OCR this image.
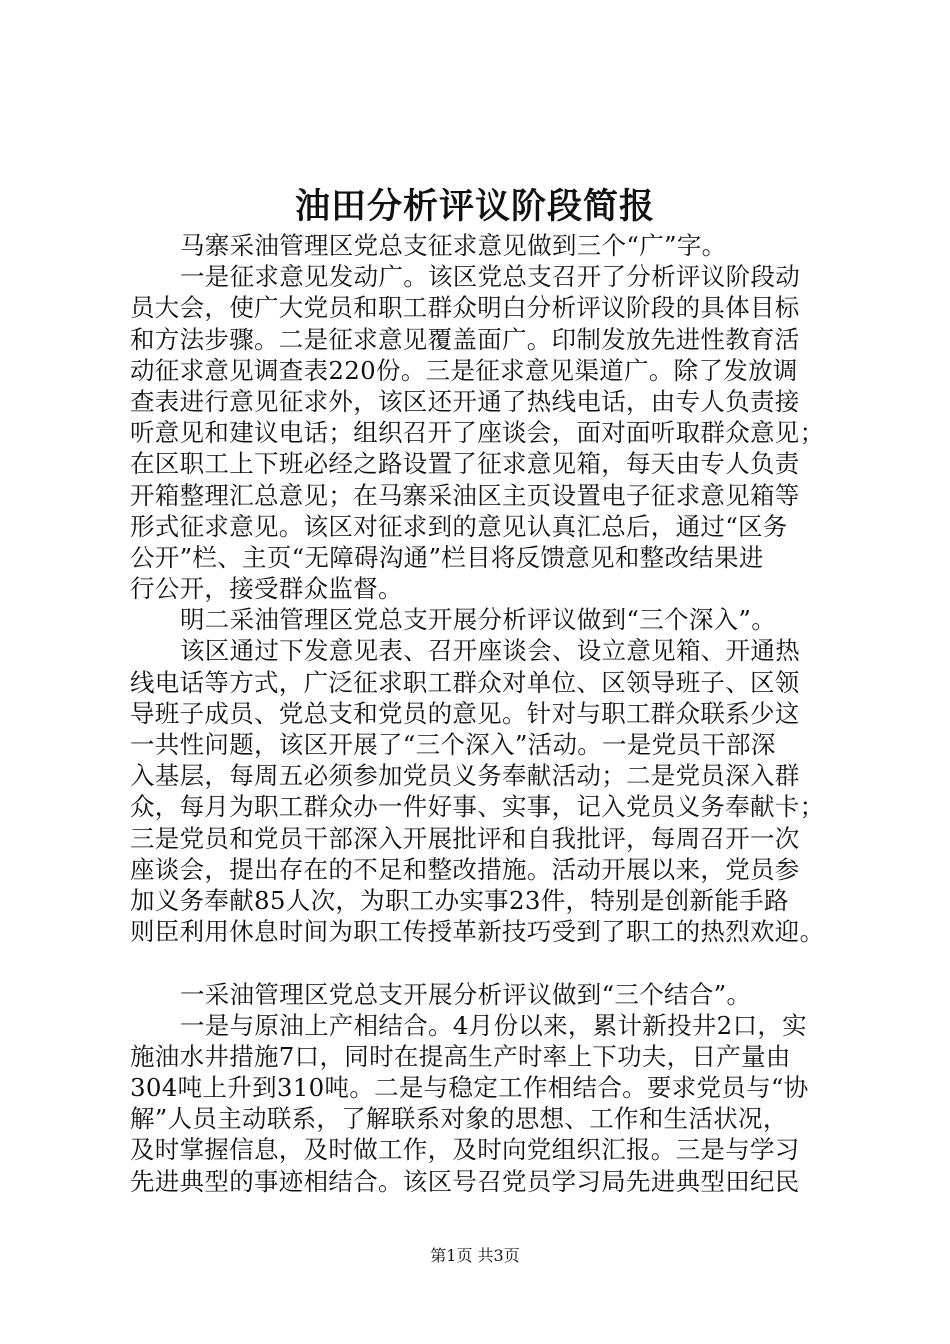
油田分析评议阶段简报
马寨采油管理区党总支征求意见做到三个“广”字。
一是征求意见发动广。该区党总支召开了分析评议阶段动
员大会，使广大党员和职工群众明白分析评议阶段的具体目标
和方法步骤。二是征求意见覆盖面广。印制发放先进性教育活
动征求意见调查表220份。三是征求意见渠道广。除了发放调
查表进行意见征求外，该区还开通了热线电话，由专人负责接
听意见和建议电话；组织召开了座谈会，面对面听取群众意见；
在区职工上下班必经之路设置了征求意见箱，每天由专人负责
开箱整理汇总意见；在马寨采油区主页设置电子征求意见箱等
形式征求意见。该区对征求到的意见认真汇总后，通过“区务
公开”栏、主页“无障碍沟通”栏目将反馈意见和整改结果进
行公开，接受群众监督。
明二采油管理区党总支开展分析评议做到“三个深入”。
该区通过下发意见表、召开座谈会、设立意见箱、开通热
线电话等方式，广泛征求职工群众对单位、区领导班子、区领
导班子成员、党总支和党员的意见。针对与职工群众联系少这
一共性问题，该区开展了“三个深入”活动。一是党员干部深
入基层，每周五必须参加党员义务奉献活动；二是党员深入群
众，每月为职工群众办一件好事、实事，记入党员义务奉献卡；
三是党员和党员干部深入开展批评和自我批评，每周召开一次
座谈会，提出存在的不足和整改措施。活动开展以来，党员参
加义务奉献85人次，为职工办实事23件，特别是创新能手路
则臣利用休息时间为职工传授革新技巧受到了职工的热烈欢迎。
一采油管理区党总支开展分析评议做到“三个结合”。
一是与原油上产相结合。4月份以来，累计新投井2口，实
施油水井措施7口，同时在提高生产时率上下功夫，日产量由
304吨上升到310吨。二是与稳定工作相结合。要求党员与“协
解”人员主动联系，了解联系对象的思想、工作和生活状况，
及时掌握信息，及时做工作，及时向党组织汇报。三是与学习
先进典型的事迹相结合。该区号召党员学习局先进典型田纪民
第1页 共3页
